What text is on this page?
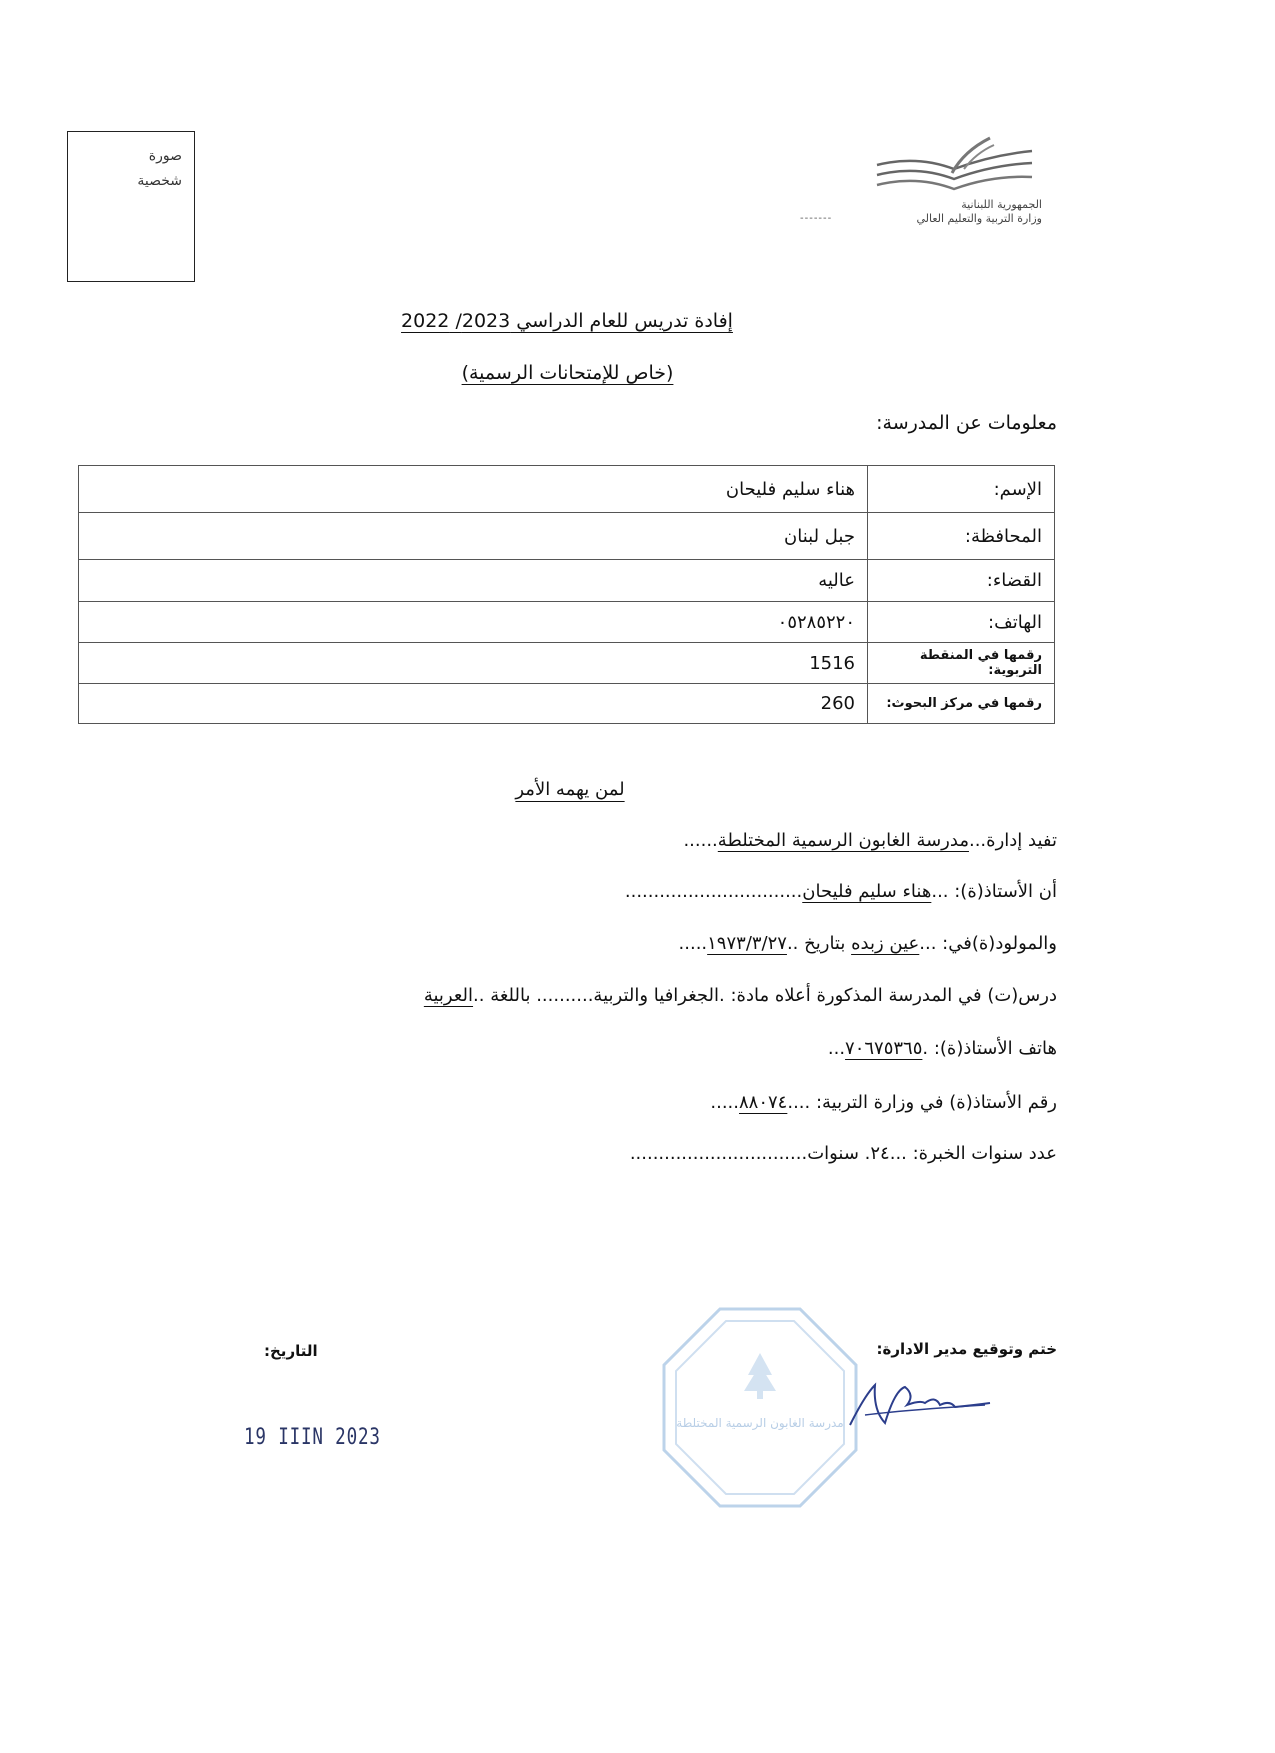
صورة
شخصية
الجمهورية اللبنانية
وزارة التربية والتعليم العالي
-------
إفادة تدريس للعام الدراسي 2023/ 2022
(خاص للإمتحانات الرسمية)
معلومات عن المدرسة:
الإسم:	هناء سليم فليحان
المحافظة:	جبل لبنان
القضاء:	عاليه
الهاتف:	٠٥٢٨٥٢٢٠
رقمها في المنقطة التربوية:	1516
رقمها في مركز البحوث:	260
لمن يهمه الأمر
تفيد إدارة...مدرسة الغابون الرسمية المختلطة......
أن الأستاذ(ة): ...هناء سليم فليحان...............................
والمولود(ة)في: ...عين زبده بتاريخ ..١٩٧٣/٣/٢٧.....
درس(ت) في المدرسة المذكورة أعلاه مادة: .الجغرافيا والتربية.......... باللغة ..العربية
هاتف الأستاذ(ة): .٧٠٦٧٥٣٦٥...
رقم الأستاذ(ة) في وزارة التربية: ....٨٨٠٧٤.....
عدد سنوات الخبرة: ...٢٤. سنوات...............................
ختم وتوقيع مدير الادارة:
التاريخ:
19 IIIN 2023
مدرسة الغابون الرسمية المختلطة
